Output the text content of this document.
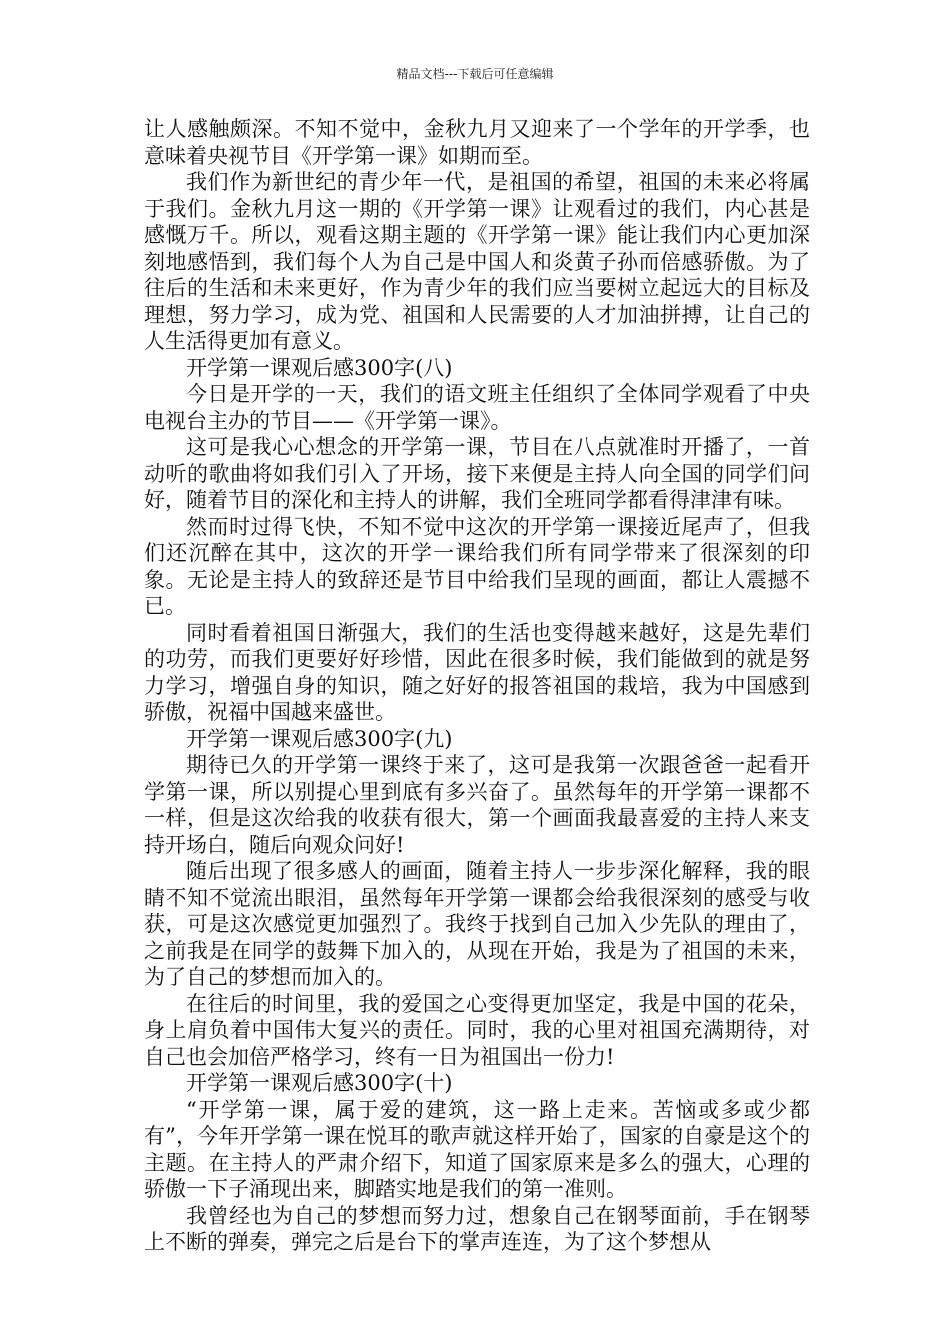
精品文档---下载后可任意编辑

让人感触颇深。不知不觉中，金秋九月又迎来了一个学年的开学季，也意味着央视节目《开学第一课》如期而至。

我们作为新世纪的青少年一代，是祖国的希望，祖国的未来必将属于我们。金秋九月这一期的《开学第一课》让观看过的我们，内心甚是感慨万千。所以，观看这期主题的《开学第一课》能让我们内心更加深刻地感悟到，我们每个人为自己是中国人和炎黄子孙而倍感骄傲。为了往后的生活和未来更好，作为青少年的我们应当要树立起远大的目标及理想，努力学习，成为党、祖国和人民需要的人才加油拼搏，让自己的人生活得更加有意义。

开学第一课观后感300字(八)

今日是开学的一天，我们的语文班主任组织了全体同学观看了中央电视台主办的节目——《开学第一课》。

这可是我心心想念的开学第一课，节目在八点就准时开播了，一首动听的歌曲将如我们引入了开场，接下来便是主持人向全国的同学们问好，随着节目的深化和主持人的讲解，我们全班同学都看得津津有味。

然而时过得飞快，不知不觉中这次的开学第一课接近尾声了，但我们还沉醉在其中，这次的开学一课给我们所有同学带来了很深刻的印象。无论是主持人的致辞还是节目中给我们呈现的画面，都让人震撼不已。

同时看着祖国日渐强大，我们的生活也变得越来越好，这是先辈们的功劳，而我们更要好好珍惜，因此在很多时候，我们能做到的就是努力学习，增强自身的知识，随之好好的报答祖国的栽培，我为中国感到骄傲，祝福中国越来盛世。

开学第一课观后感300字(九)

期待已久的开学第一课终于来了，这可是我第一次跟爸爸一起看开学第一课，所以别提心里到底有多兴奋了。虽然每年的开学第一课都不一样，但是这次给我的收获有很大，第一个画面我最喜爱的主持人来支持开场白，随后向观众问好!

随后出现了很多感人的画面，随着主持人一步步深化解释，我的眼睛不知不觉流出眼泪，虽然每年开学第一课都会给我很深刻的感受与收获，可是这次感觉更加强烈了。我终于找到自己加入少先队的理由了，之前我是在同学的鼓舞下加入的，从现在开始，我是为了祖国的未来，为了自己的梦想而加入的。

在往后的时间里，我的爱国之心变得更加坚定，我是中国的花朵，身上肩负着中国伟大复兴的责任。同时，我的心里对祖国充满期待，对自己也会加倍严格学习，终有一日为祖国出一份力!

开学第一课观后感300字(十)

“开学第一课，属于爱的建筑，这一路上走来。苦恼或多或少都有”，今年开学第一课在悦耳的歌声就这样开始了，国家的自豪是这个的主题。在主持人的严肃介绍下，知道了国家原来是多么的强大，心理的骄傲一下子涌现出来，脚踏实地是我们的第一准则。

我曾经也为自己的梦想而努力过，想象自己在钢琴面前，手在钢琴上不断的弹奏，弹完之后是台下的掌声连连，为了这个梦想从
